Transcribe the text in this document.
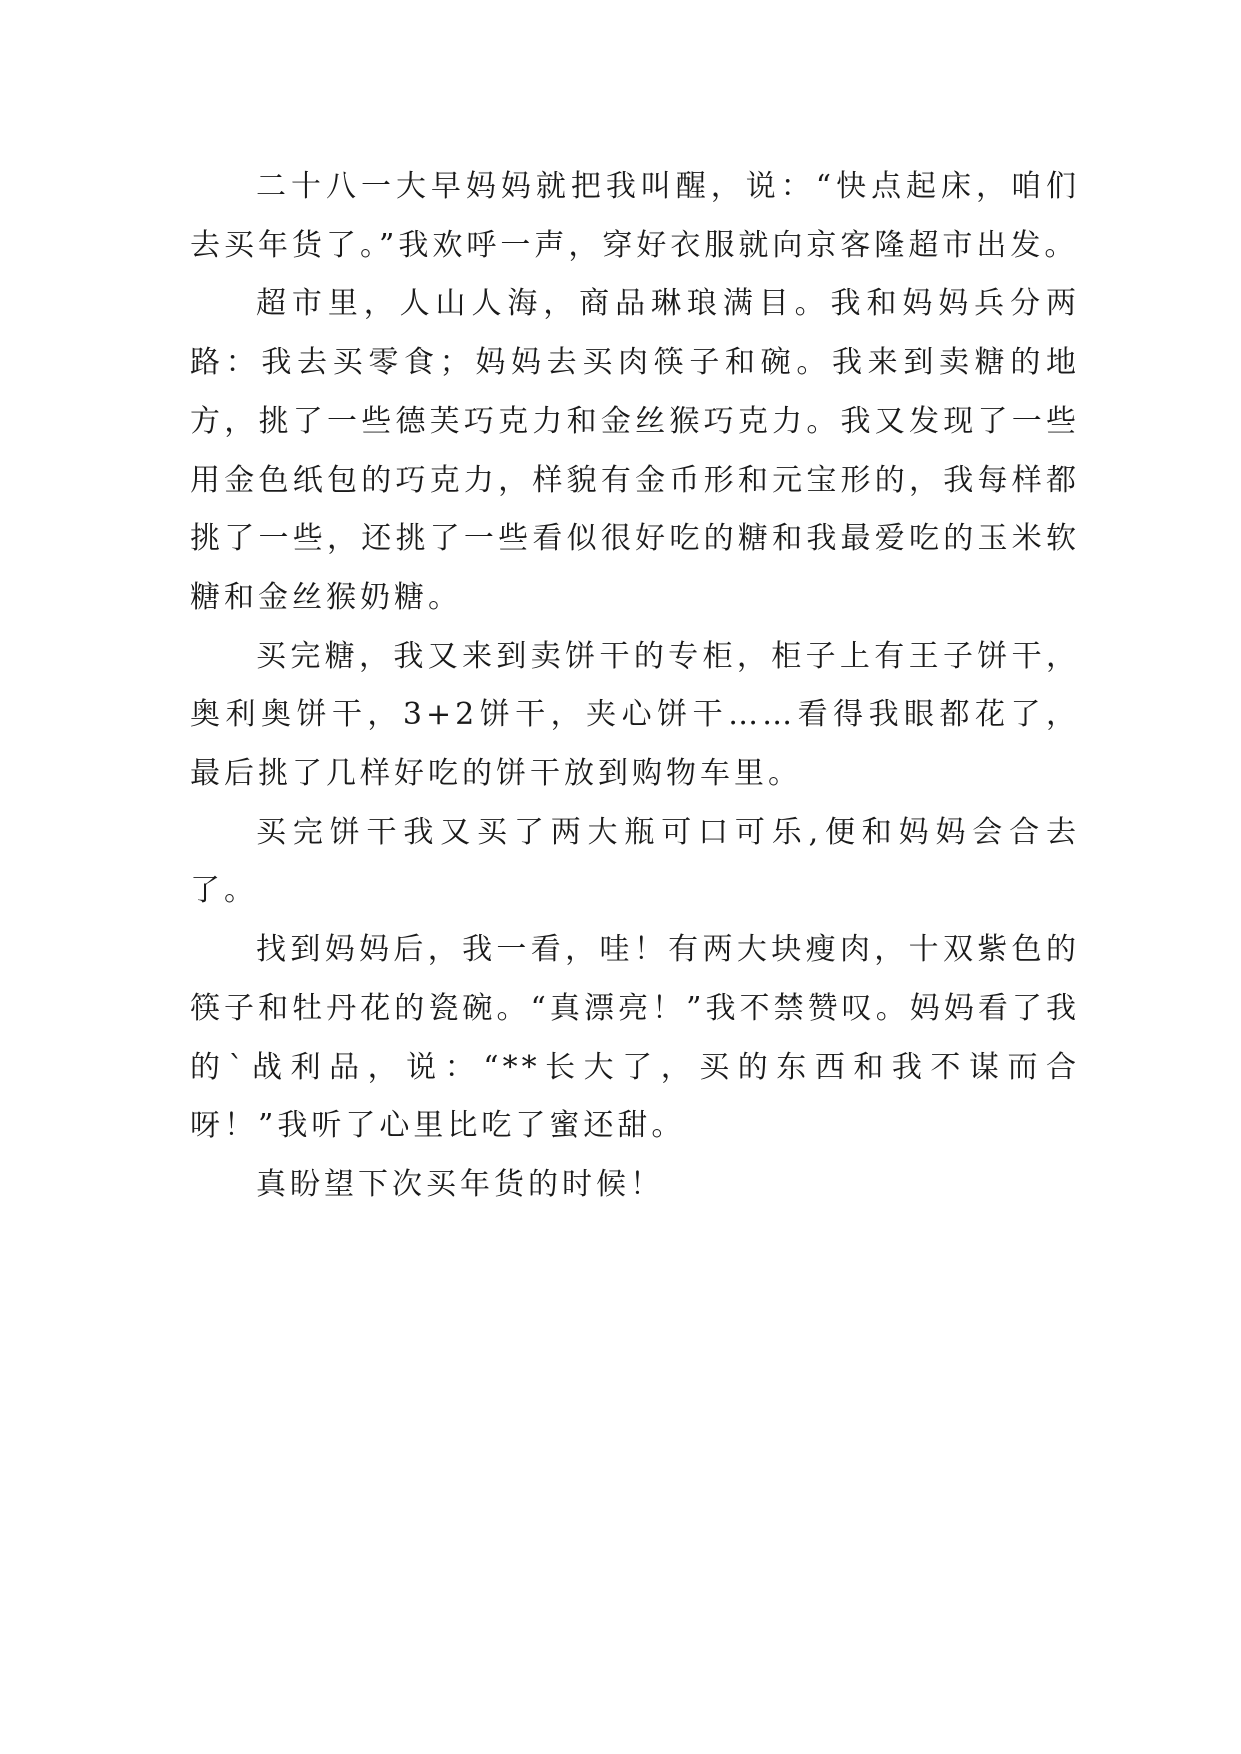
二十八一大早妈妈就把我叫醒，说：“快点起床，咱们去买年货了。”我欢呼一声，穿好衣服就向京客隆超市出发。

超市里，人山人海，商品琳琅满目。我和妈妈兵分两路：我去买零食；妈妈去买肉筷子和碗。我来到卖糖的地方，挑了一些德芙巧克力和金丝猴巧克力。我又发现了一些用金色纸包的巧克力，样貌有金币形和元宝形的，我每样都挑了一些，还挑了一些看似很好吃的糖和我最爱吃的玉米软糖和金丝猴奶糖。

买完糖，我又来到卖饼干的专柜，柜子上有王子饼干，奥利奥饼干，3+2饼干，夹心饼干……看得我眼都花了，最后挑了几样好吃的饼干放到购物车里。

买完饼干我又买了两大瓶可口可乐,便和妈妈会合去了。

找到妈妈后，我一看，哇！有两大块瘦肉，十双紫色的筷子和牡丹花的瓷碗。“真漂亮！”我不禁赞叹。妈妈看了我的`战利品，说：“**长大了，买的东西和我不谋而合呀！”我听了心里比吃了蜜还甜。

真盼望下次买年货的时候！
